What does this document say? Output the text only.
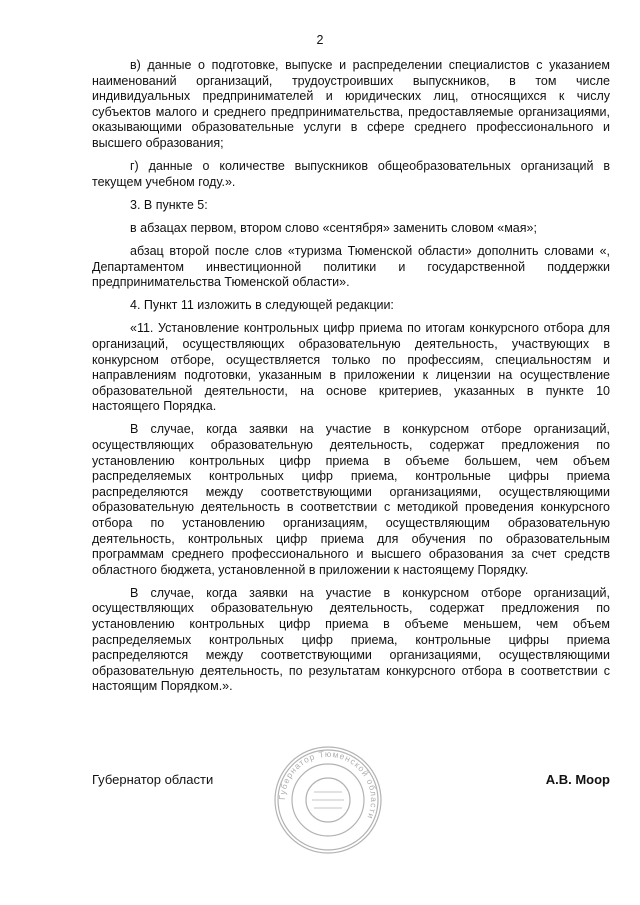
2

в) данные о подготовке, выпуске и распределении специалистов с указанием наименований организаций, трудоустроивших выпускников, в том числе индивидуальных предпринимателей и юридических лиц, относящихся к числу субъектов малого и среднего предпринимательства, предоставляемые организациями, оказывающими образовательные услуги в сфере среднего профессионального и высшего образования;

г) данные о количестве выпускников общеобразовательных организаций в текущем учебном году.».

3. В пункте 5:

в абзацах первом, втором слово «сентября» заменить словом «мая»;

абзац второй после слов «туризма Тюменской области» дополнить словами «, Департаментом инвестиционной политики и государственной поддержки предпринимательства Тюменской области».

4. Пункт 11 изложить в следующей редакции:

«11. Установление контрольных цифр приема по итогам конкурсного отбора для организаций, осуществляющих образовательную деятельность, участвующих в конкурсном отборе, осуществляется только по профессиям, специальностям и направлениям подготовки, указанным в приложении к лицензии на осуществление образовательной деятельности, на основе критериев, указанных в пункте 10 настоящего Порядка.

В случае, когда заявки на участие в конкурсном отборе организаций, осуществляющих образовательную деятельность, содержат предложения по установлению контрольных цифр приема в объеме большем, чем объем распределяемых контрольных цифр приема, контрольные цифры приема распределяются между соответствующими организациями, осуществляющими образовательную деятельность в соответствии с методикой проведения конкурсного отбора по установлению организациям, осуществляющим образовательную деятельность, контрольных цифр приема для обучения по образовательным программам среднего профессионального и высшего образования за счет средств областного бюджета, установленной в приложении к настоящему Порядку.

В случае, когда заявки на участие в конкурсном отборе организаций, осуществляющих образовательную деятельность, содержат предложения по установлению контрольных цифр приема в объеме меньшем, чем объем распределяемых контрольных цифр приема, контрольные цифры приема распределяются между соответствующими организациями, осуществляющими образовательную деятельность, по результатам конкурсного отбора в соответствии с настоящим Порядком.».

Губернатор области	А.В. Моор
Губернатор Тюменской области
